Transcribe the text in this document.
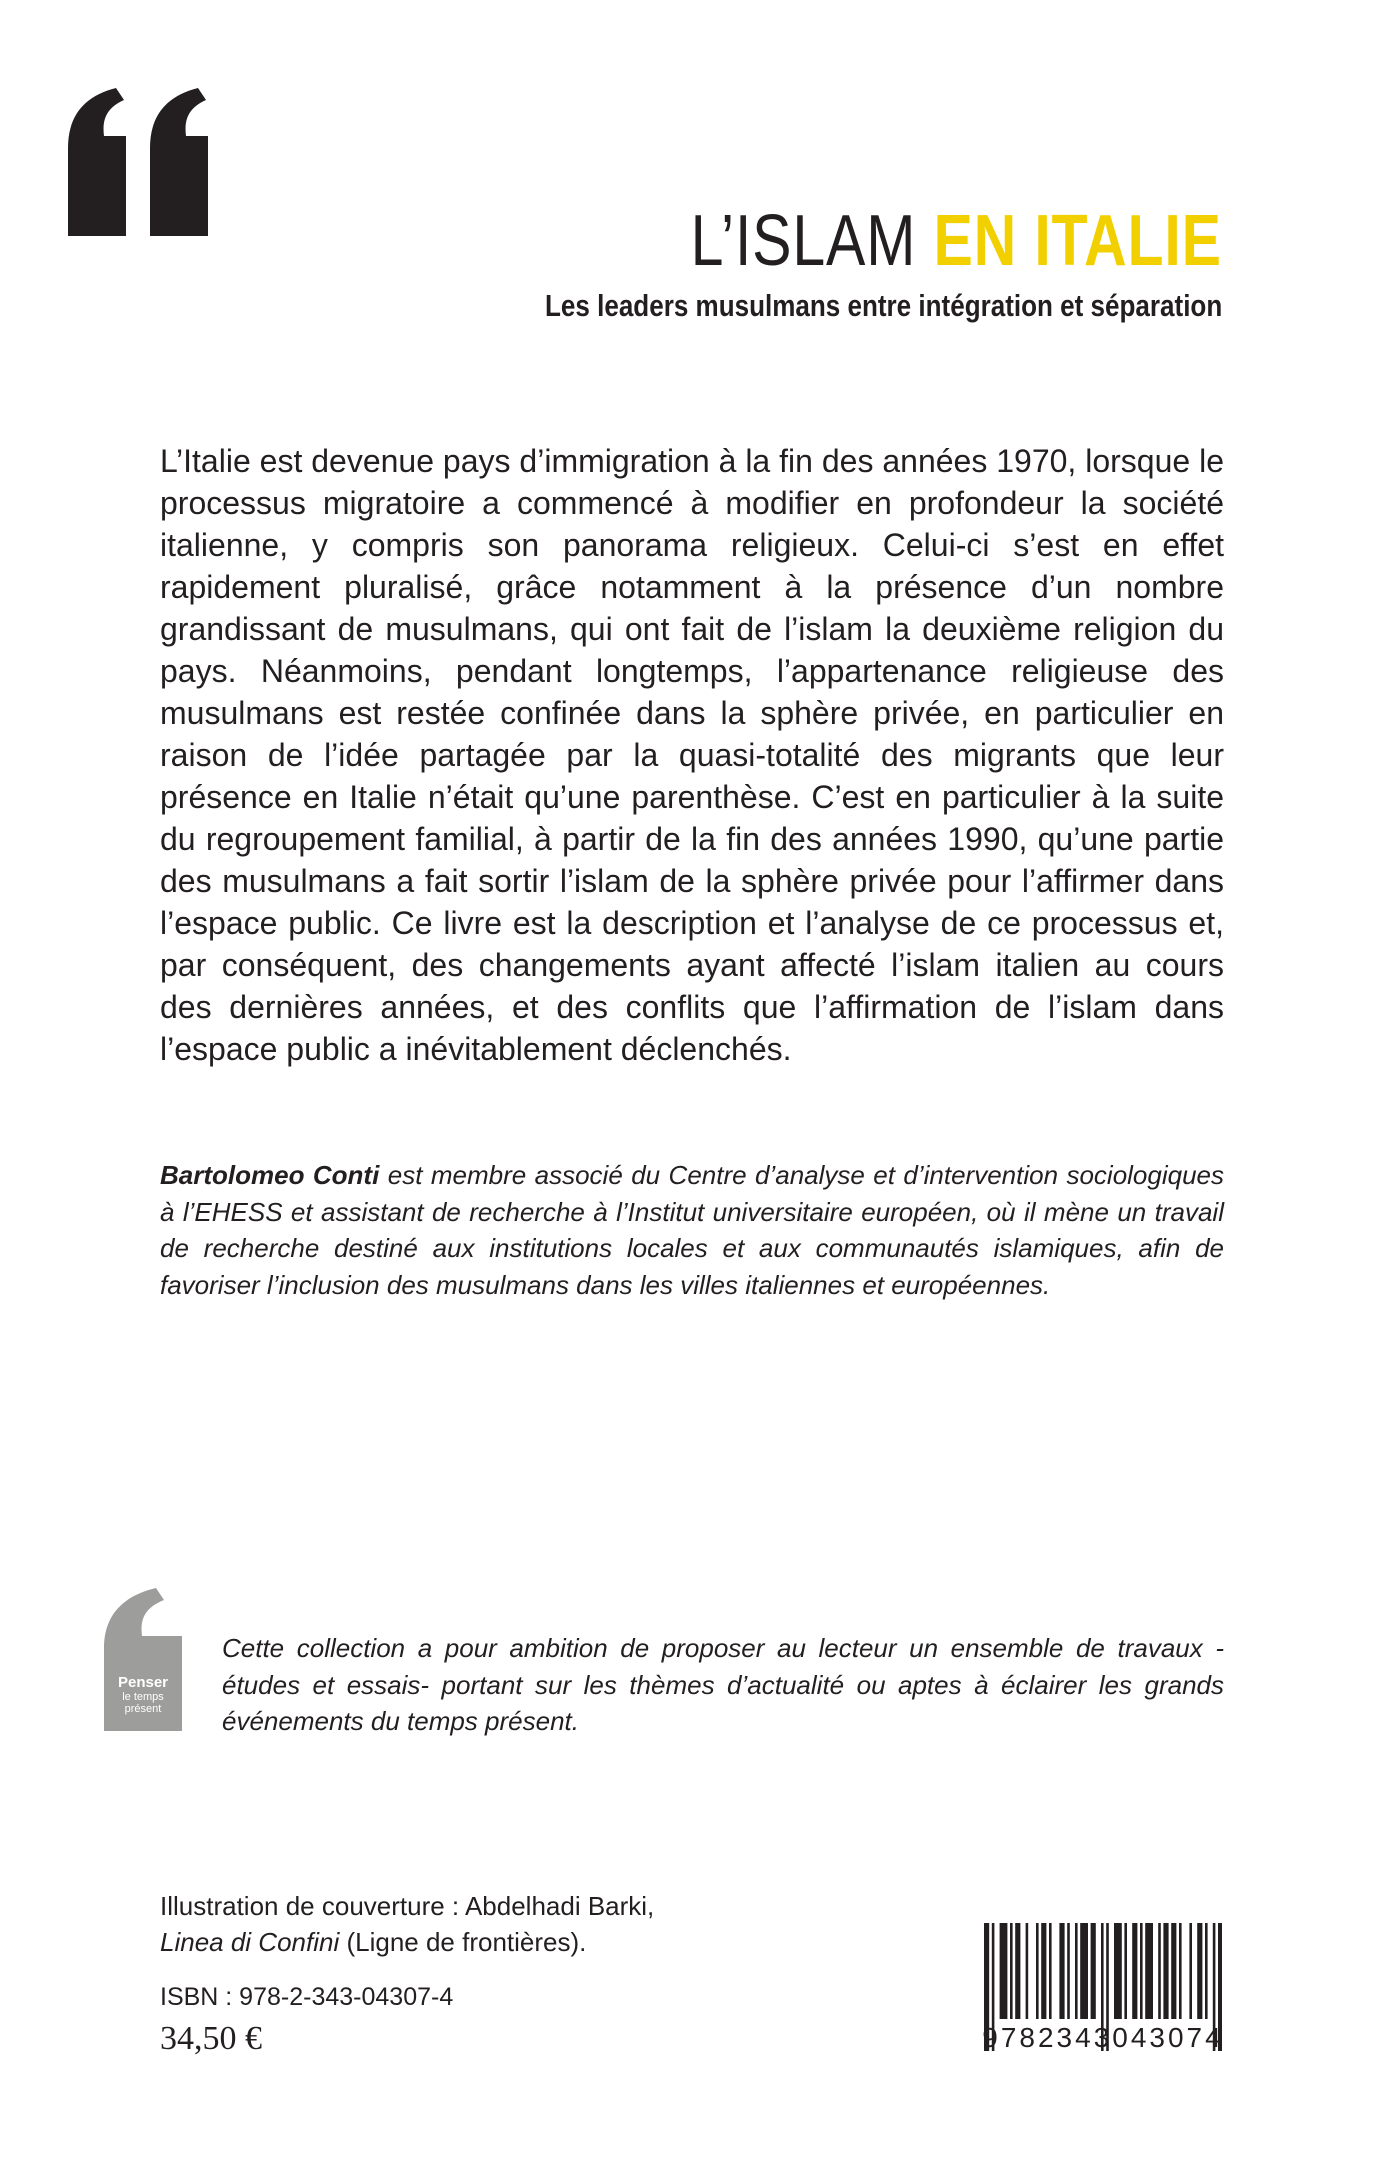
L’ISLAM EN ITALIE
Les leaders musulmans entre intégration et séparation

L’Italie est devenue pays d’immigration à la fin des années 1970, lorsque le processus migratoire a commencé à modifier en profondeur la société italienne, y compris son panorama religieux. Celui-ci s’est en effet rapidement pluralisé, grâce notamment à la présence d’un nombre grandissant de musulmans, qui ont fait de l’islam la deuxième religion du pays. Néanmoins, pendant longtemps, l’appartenance religieuse des musulmans est restée confinée dans la sphère privée, en particulier en raison de l’idée partagée par la quasi-totalité des migrants que leur présence en Italie n’était qu’une parenthèse. C’est en particulier à la suite du regroupement familial, à partir de la fin des années 1990, qu’une partie des musulmans a fait sortir l’islam de la sphère privée pour l’affirmer dans l’espace public. Ce livre est la description et l’analyse de ce processus et, par conséquent, des changements ayant affecté l’islam italien au cours des dernières années, et des conflits que l’affirmation de l’islam dans l’espace public a inévitablement déclenchés.

Bartolomeo Conti est membre associé du Centre d’analyse et d’intervention sociologiques à l’EHESS et assistant de recherche à l’Institut universitaire européen, où il mène un travail de recherche destiné aux institutions locales et aux communautés islamiques, afin de favoriser l’inclusion des musulmans dans les villes italiennes et européennes.

Penser
le temps
présent

Cette collection a pour ambition de proposer au lecteur un ensemble de travaux - études et essais- portant sur les thèmes d’actualité ou aptes à éclairer les grands événements du temps présent.

Illustration de couverture : Abdelhadi Barki,
Linea di Confini (Ligne de frontières).
ISBN : 978-2-343-04307-4
34,50 €	9782343043074
